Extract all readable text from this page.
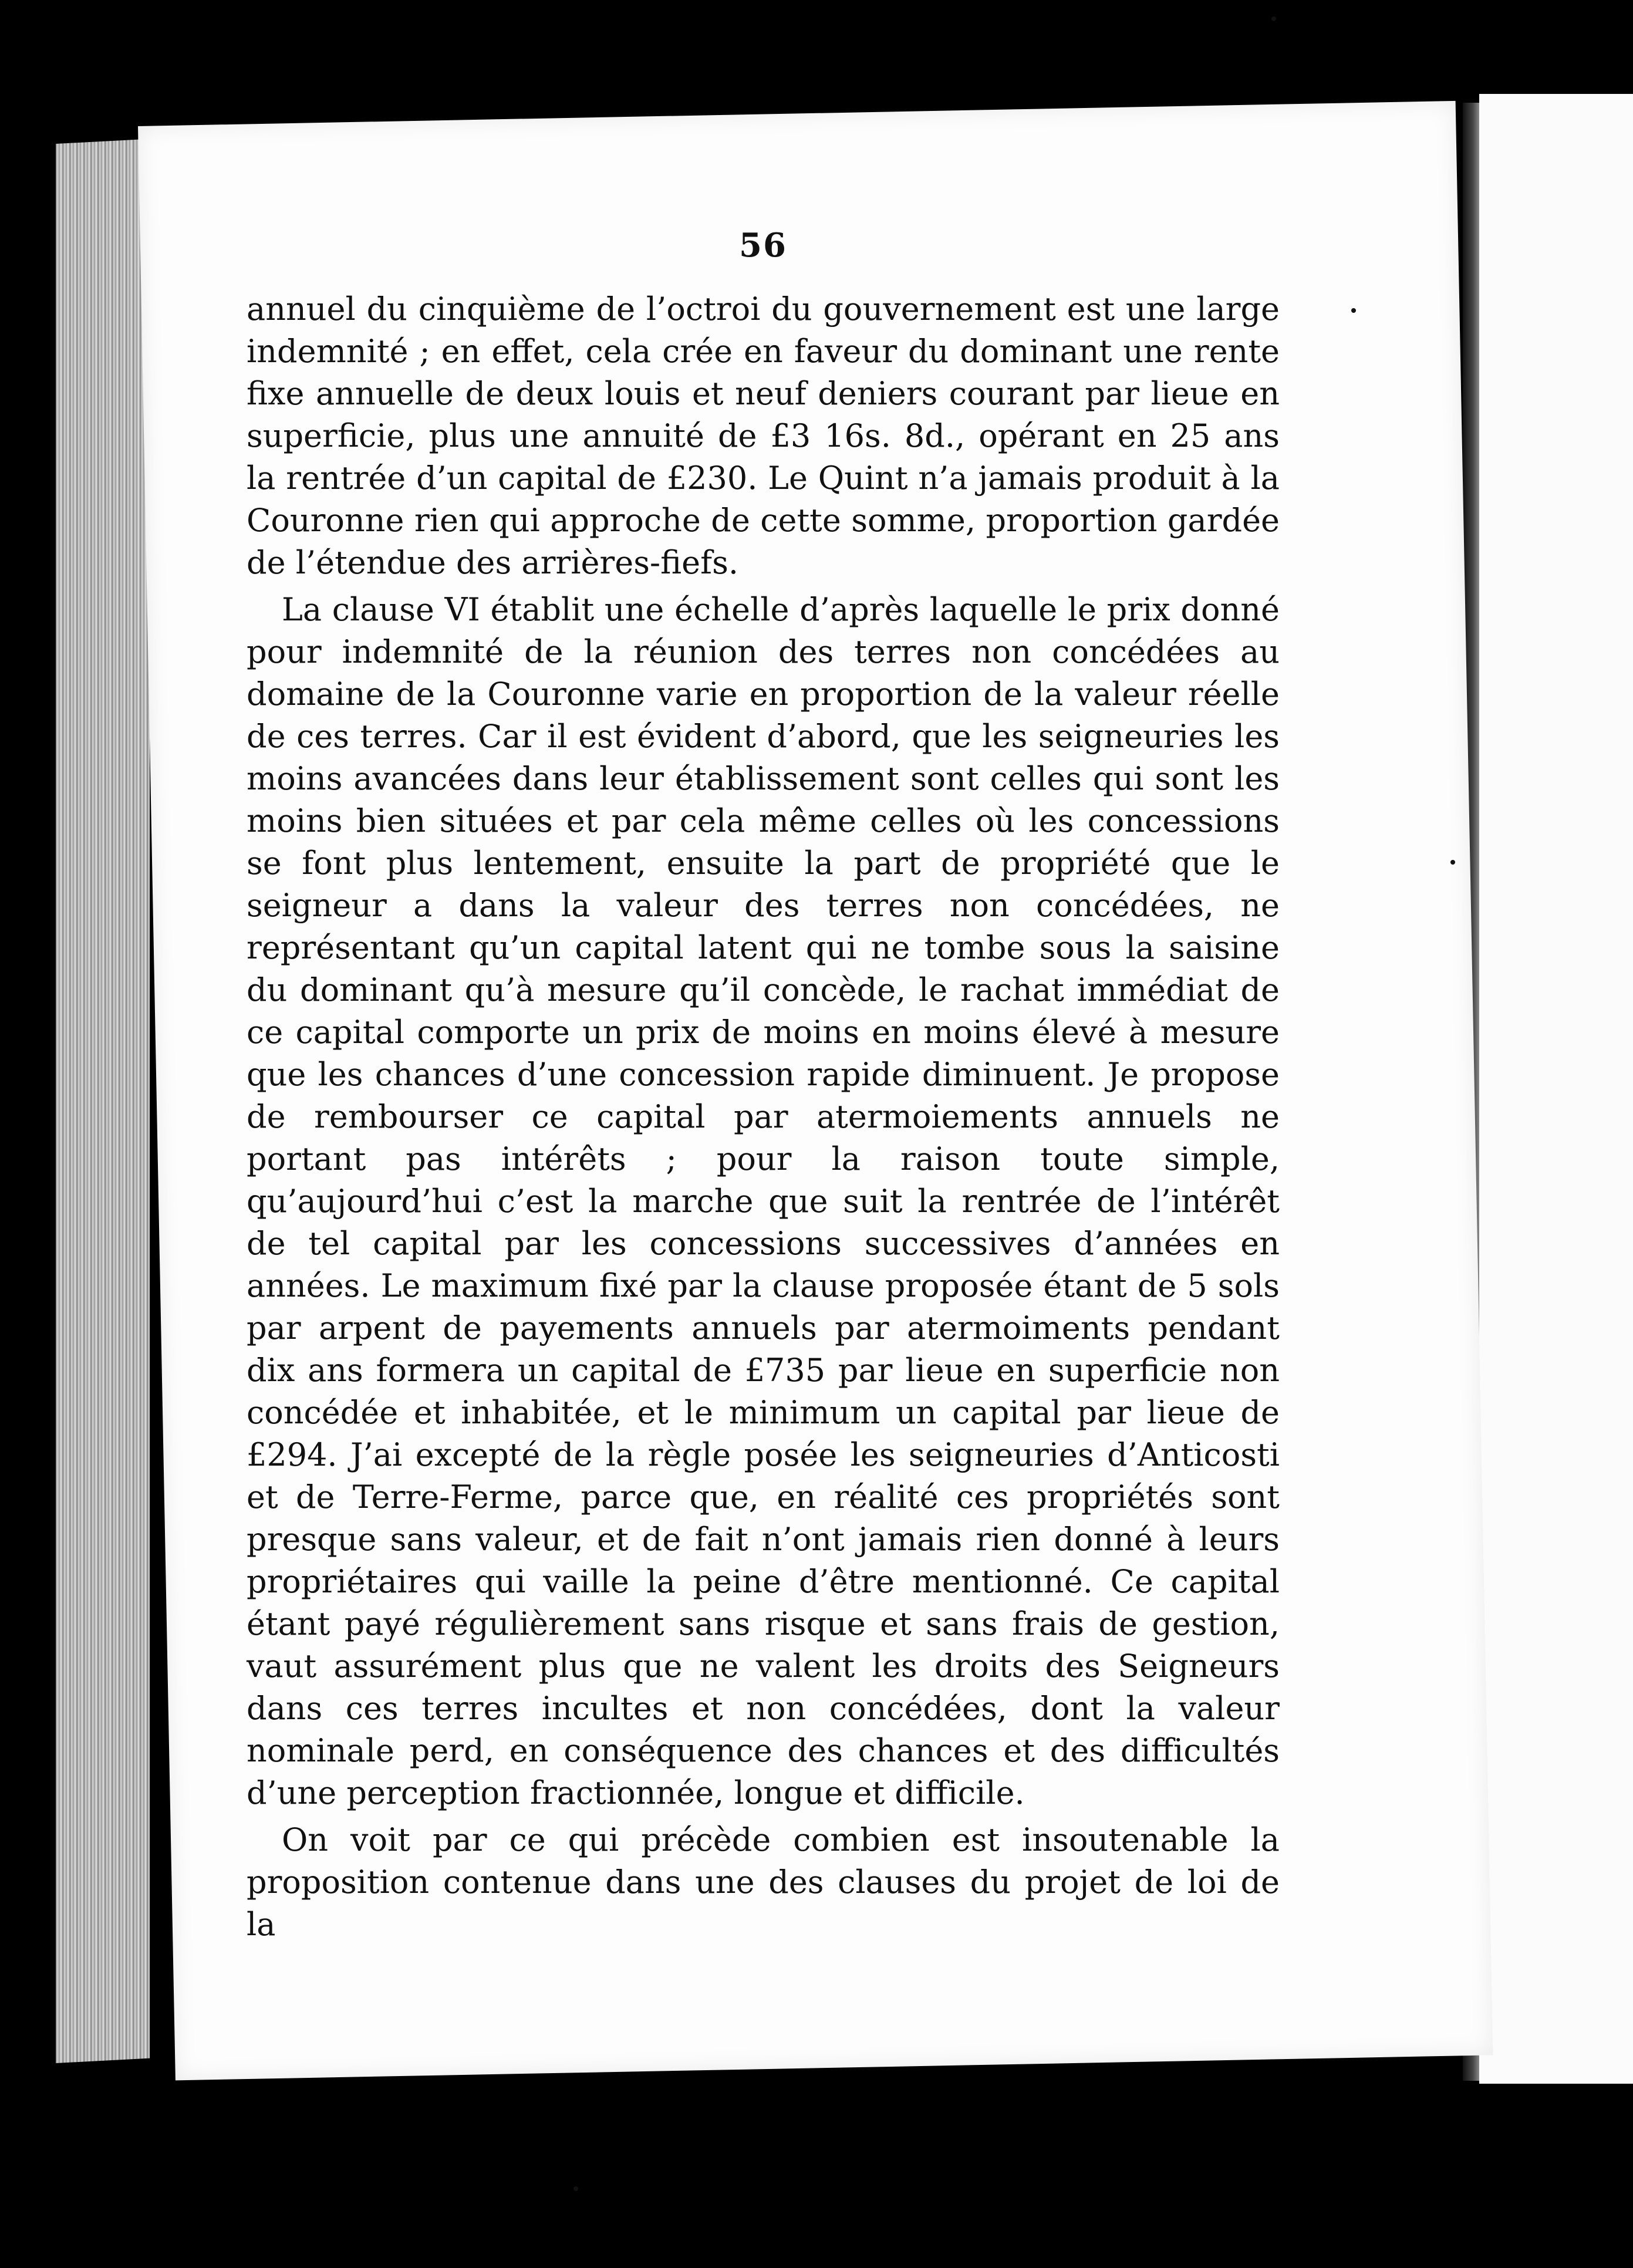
56

annuel du cinquième de l’octroi du gouvernement est une large indemnité ; en effet, cela crée en faveur du dominant une rente fixe annuelle de deux louis et neuf deniers courant par lieue en superficie, plus une annuité de £3 16s. 8d., opérant en 25 ans la rentrée d’un capital de £230. Le Quint n’a jamais produit à la Couronne rien qui approche de cette somme, proportion gardée de l’étendue des arrières-fiefs.

La clause VI établit une échelle d’après laquelle le prix donné pour indemnité de la réunion des terres non concédées au domaine de la Couronne varie en proportion de la valeur réelle de ces terres. Car il est évident d’abord, que les seigneuries les moins avancées dans leur établissement sont celles qui sont les moins bien situées et par cela même celles où les concessions se font plus lentement, ensuite la part de propriété que le seigneur a dans la valeur des terres non concédées, ne représentant qu’un capital latent qui ne tombe sous la saisine du dominant qu’à mesure qu’il concède, le rachat immédiat de ce capital comporte un prix de moins en moins élevé à mesure que les chances d’une concession rapide diminuent. Je propose de rembourser ce capital par atermoiements annuels ne portant pas intérêts ; pour la raison toute simple, qu’aujourd’hui c’est la marche que suit la rentrée de l’intérêt de tel capital par les concessions successives d’années en années. Le maximum fixé par la clause proposée étant de 5 sols par arpent de payements annuels par atermoiments pendant dix ans formera un capital de £735 par lieue en superficie non concédée et inhabitée, et le minimum un capital par lieue de £294. J’ai excepté de la règle posée les seigneuries d’Anticosti et de Terre-Ferme, parce que, en réalité ces propriétés sont presque sans valeur, et de fait n’ont jamais rien donné à leurs propriétaires qui vaille la peine d’être mentionné. Ce capital étant payé régulièrement sans risque et sans frais de gestion, vaut assurément plus que ne valent les droits des Seigneurs dans ces terres incultes et non concédées, dont la valeur nominale perd, en conséquence des chances et des difficultés d’une perception fractionnée, longue et difficile.

On voit par ce qui précède combien est insoutenable la proposition contenue dans une des clauses du projet de loi de la
